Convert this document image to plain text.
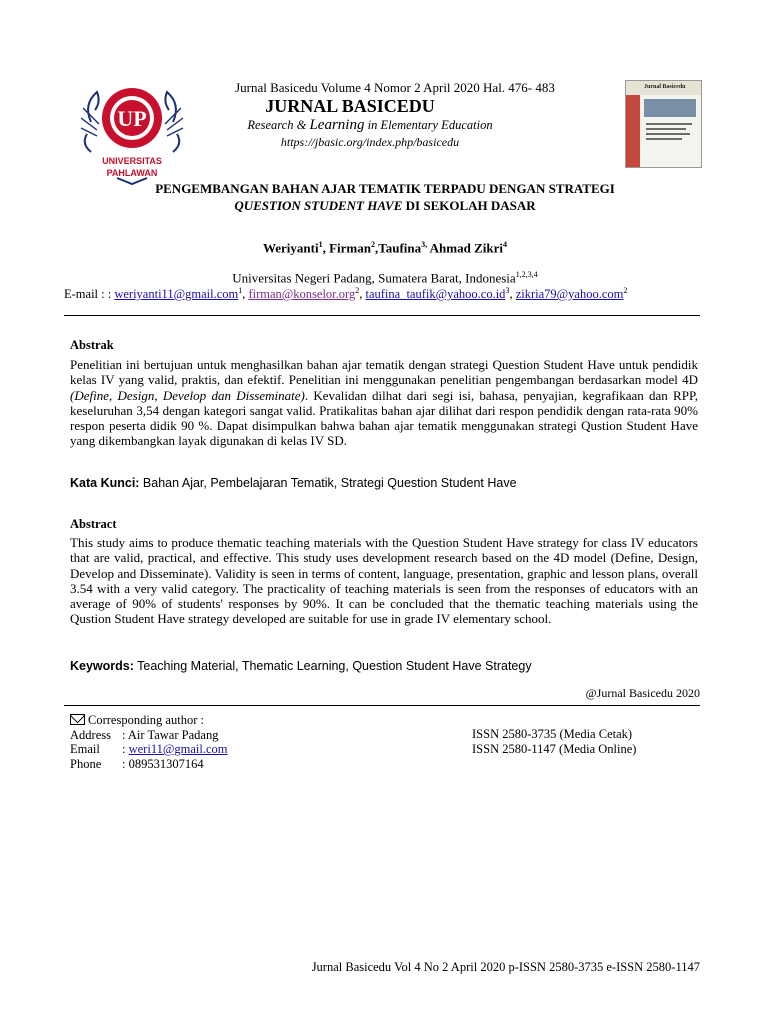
UP
UNIVERSITAS
PAHLAWAN
Jurnal Basicedu Volume 4 Nomor 2 April 2020 Hal. 476- 483
JURNAL BASICEDU
Research & Learning in Elementary Education
https://jbasic.org/index.php/basicedu
Jurnal Basicedu
PENGEMBANGAN BAHAN AJAR TEMATIK TERPADU DENGAN STRATEGI
QUESTION STUDENT HAVE DI SEKOLAH DASAR
Weriyanti$^1$, Firman$^2$,Taufina$^{3,}$ Ahmad Zikri$^4$
Universitas Negeri Padang, Sumatera Barat, Indonesia$^{1,2,3,4}$
E-mail : : weriyanti11@gmail.com$^1$, firman@konselor.org$^2$, $taufina\_taufik@yahoo.co.id^3$, zikria79@yahoo.com$^2$
Abstrak
Penelitian ini bertujuan untuk menghasilkan bahan ajar tematik dengan strategi Question Student Have untuk pendidik kelas IV yang valid, praktis, dan efektif. Penelitian ini menggunakan penelitian pengembangan berdasarkan model 4D (Define, Design, Develop dan Disseminate). Kevalidan dilhat dari segi isi, bahasa, penyajian, kegrafikaan dan RPP, keseluruhan 3,54 dengan kategori sangat valid. Pratikalitas bahan ajar dilihat dari respon pendidik dengan rata-rata 90% respon peserta didik 90 %. Dapat disimpulkan bahwa bahan ajar tematik menggunakan strategi Qustion Student Have yang dikembangkan layak digunakan di kelas IV SD.
Kata Kunci: Bahan Ajar, Pembelajaran Tematik, Strategi Question Student Have
Abstract
This study aims to produce thematic teaching materials with the Question Student Have strategy for class IV educators that are valid, practical, and effective. This study uses development research based on the 4D model (Define, Design, Develop and Disseminate). Validity is seen in terms of content, language, presentation, graphic and lesson plans, overall 3.54 with a very valid category. The practicality of teaching materials is seen from the responses of educators with an average of 90% of students' responses by 90%. It can be concluded that the thematic teaching materials using the Qustion Student Have strategy developed are suitable for use in grade IV elementary school.
Keywords: Teaching Material, Thematic Learning, Question Student Have Strategy
@Jurnal Basicedu 2020
Corresponding author :
Address : Air Tawar Padang
Email : weri11@gmail.com
Phone : 089531307164
ISSN 2580-3735 (Media Cetak)
ISSN 2580-1147 (Media Online)
Jurnal Basicedu Vol 4 No 2 April 2020 p-ISSN 2580-3735 e-ISSN 2580-1147
